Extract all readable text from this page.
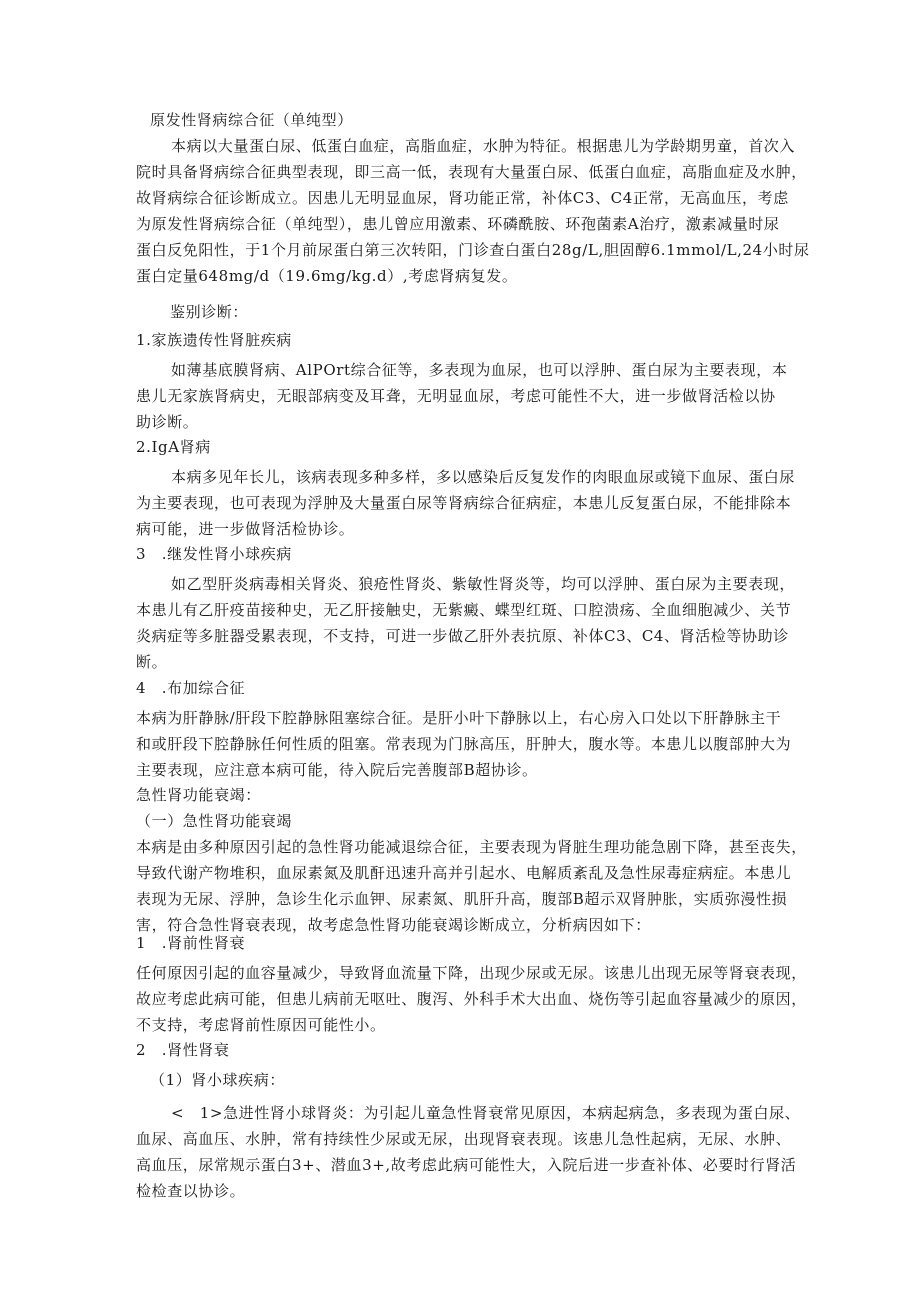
原发性肾病综合征（单纯型）

本病以大量蛋白尿、低蛋白血症，高脂血症，水肿为特征。根据患儿为学龄期男童，首次入
院时具备肾病综合征典型表现，即三高一低，表现有大量蛋白尿、低蛋白血症，高脂血症及水肿，
故肾病综合征诊断成立。因患儿无明显血尿，肾功能正常，补体C3、C4正常，无高血压，考虑
为原发性肾病综合征（单纯型），患儿曾应用激素、环磷酰胺、环孢菌素A治疗，激素减量时尿
蛋白反免阳性，于1个月前尿蛋白第三次转阳，门诊查白蛋白28g∕L,胆固醇6.1mmol∕L,24小时尿
蛋白定量648mg∕d（19.6mg∕kg.d）,考虑肾病复发。

鉴别诊断：

1.家族遗传性肾脏疾病

如薄基底膜肾病、AlPOrt综合征等，多表现为血尿，也可以浮肿、蛋白尿为主要表现，本
患儿无家族肾病史，无眼部病变及耳聋，无明显血尿，考虑可能性不大，进一步做肾活检以协
助诊断。

2.IgA肾病

本病多见年长儿，该病表现多种多样，多以感染后反复发作的肉眼血尿或镜下血尿、蛋白尿
为主要表现，也可表现为浮肿及大量蛋白尿等肾病综合征病症，本患儿反复蛋白尿，不能排除本
病可能，进一步做肾活检协诊。

3　.继发性肾小球疾病

如乙型肝炎病毒相关肾炎、狼疮性肾炎、紫敏性肾炎等，均可以浮肿、蛋白尿为主要表现，
本患儿有乙肝疫苗接种史，无乙肝接触史，无紫癜、蝶型红斑、口腔溃疡、全血细胞减少、关节
炎病症等多脏器受累表现，不支持，可进一步做乙肝外表抗原、补体C3、C4、肾活检等协助诊
断。

4　.布加综合征

本病为肝静脉/肝段下腔静脉阻塞综合征。是肝小叶下静脉以上，右心房入口处以下肝静脉主干
和或肝段下腔静脉任何性质的阻塞。常表现为门脉高压，肝肿大，腹水等。本患儿以腹部肿大为
主要表现，应注意本病可能，待入院后完善腹部B超协诊。
急性肾功能衰竭：
（一）急性肾功能衰竭
本病是由多种原因引起的急性肾功能减退综合征，主要表现为肾脏生理功能急剧下降，甚至丧失，
导致代谢产物堆积，血尿素氮及肌酐迅速升高并引起水、电解质紊乱及急性尿毒症病症。本患儿
表现为无尿、浮肿，急诊生化示血钾、尿素氮、肌肝升高，腹部B超示双肾肿胀，实质弥漫性损
害，符合急性肾衰表现，故考虑急性肾功能衰竭诊断成立，分析病因如下：

1　.肾前性肾衰

任何原因引起的血容量减少，导致肾血流量下降，出现少尿或无尿。该患儿出现无尿等肾衰表现，
故应考虑此病可能，但患儿病前无呕吐、腹泻、外科手术大出血、烧伤等引起血容量减少的原因，
不支持，考虑肾前性原因可能性小。

2　.肾性肾衰

（1）肾小球疾病：

<　1>急进性肾小球肾炎：为引起儿童急性肾衰常见原因，本病起病急，多表现为蛋白尿、
血尿、高血压、水肿，常有持续性少尿或无尿，出现肾衰表现。该患儿急性起病，无尿、水肿、
高血压，尿常规示蛋白3+、潜血3+,故考虑此病可能性大，入院后进一步查补体、必要时行肾活
检检查以协诊。
